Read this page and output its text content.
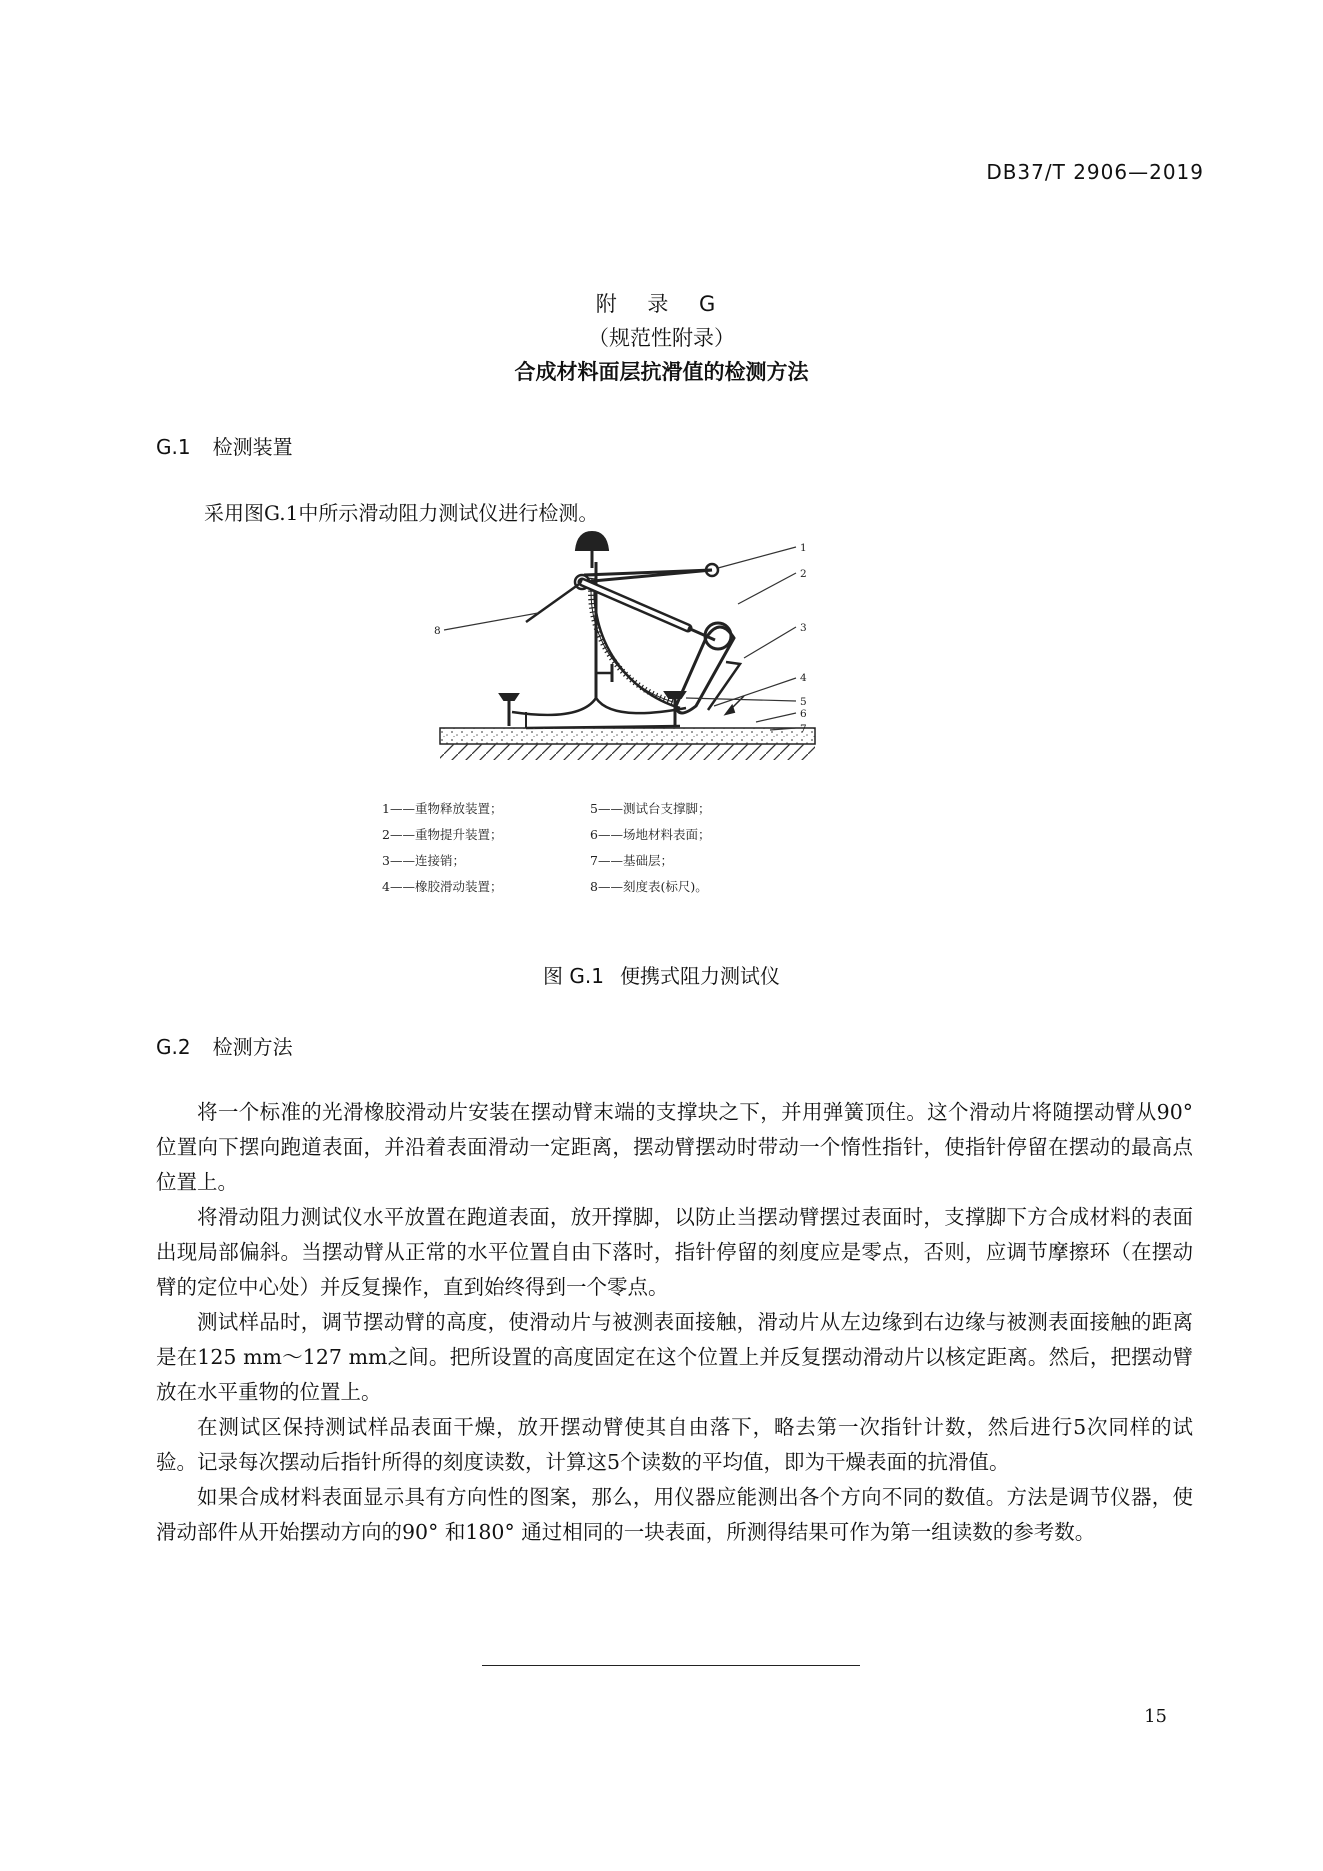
DB37/T 2906—2019
附 录 G
（规范性附录）
合成材料面层抗滑值的检测方法
G.1 检测装置
采用图G.1中所示滑动阻力测试仪进行检测。
1
2
3
4
5
6
7
8
1——重物释放装置；
2——重物提升装置；
3——连接销；
4——橡胶滑动装置；
5——测试台支撑脚；
6——场地材料表面；
7——基础层；
8——刻度表(标尺)。
图 G.1 便携式阻力测试仪
G.2 检测方法

将一个标准的光滑橡胶滑动片安装在摆动臂末端的支撑块之下，并用弹簧顶住。这个滑动片将随摆动臂从90° 位置向下摆向跑道表面，并沿着表面滑动一定距离，摆动臂摆动时带动一个惰性指针，使指针停留在摆动的最高点位置上。

将滑动阻力测试仪水平放置在跑道表面，放开撑脚，以防止当摆动臂摆过表面时，支撑脚下方合成材料的表面出现局部偏斜。当摆动臂从正常的水平位置自由下落时，指针停留的刻度应是零点，否则，应调节摩擦环（在摆动臂的定位中心处）并反复操作，直到始终得到一个零点。

测试样品时，调节摆动臂的高度，使滑动片与被测表面接触，滑动片从左边缘到右边缘与被测表面接触的距离是在125 mm～127 mm之间。把所设置的高度固定在这个位置上并反复摆动滑动片以核定距离。然后，把摆动臂放在水平重物的位置上。

在测试区保持测试样品表面干燥，放开摆动臂使其自由落下，略去第一次指针计数，然后进行5次同样的试验。记录每次摆动后指针所得的刻度读数，计算这5个读数的平均值，即为干燥表面的抗滑值。

如果合成材料表面显示具有方向性的图案，那么，用仪器应能测出各个方向不同的数值。方法是调节仪器，使滑动部件从开始摆动方向的90° 和180° 通过相同的一块表面，所测得结果可作为第一组读数的参考数。

15
